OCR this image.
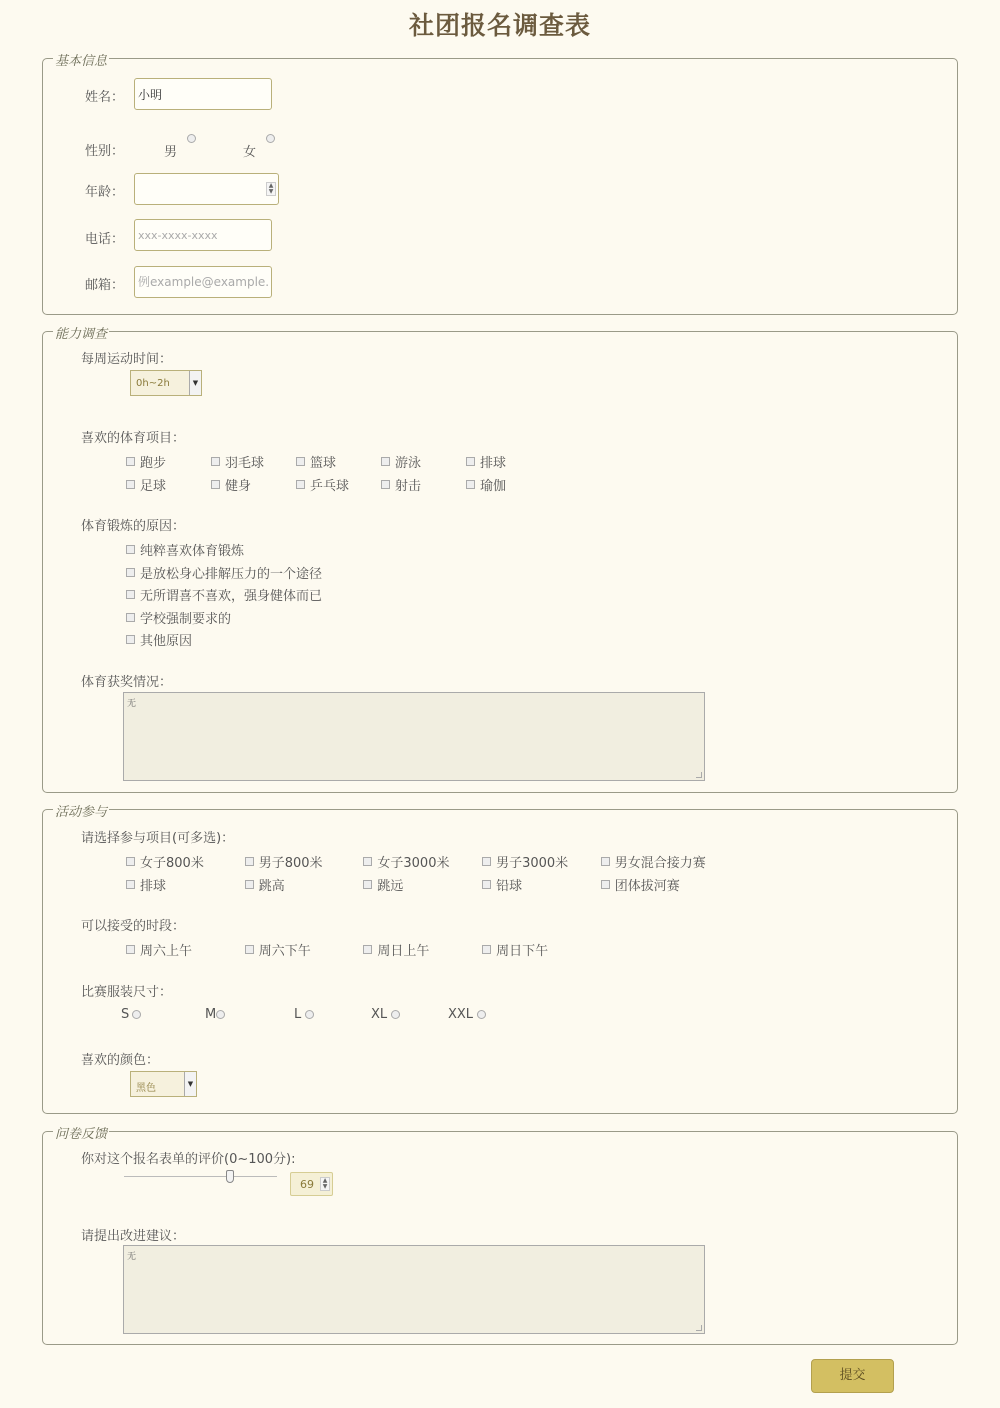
社团报名调查表
基本信息
姓名：
小明
性别：	男	女
年龄：	▲
▼
电话：
xxx-xxxx-xxxx
邮箱：
例example@example.com
能力调查
每周运动时间：
0h~2h	▼
喜欢的体育项目：
跑步	羽毛球	篮球	游泳	排球
足球	健身	乒乓球	射击	瑜伽
体育锻炼的原因：
纯粹喜欢体育锻炼
是放松身心排解压力的一个途径
无所谓喜不喜欢，强身健体而已
学校强制要求的
其他原因
体育获奖情况：
无
活动参与
请选择参与项目(可多选)：
女子800米	男子800米	女子3000米	男子3000米	男女混合接力赛
排球	跳高	跳远	铅球	团体拔河赛
可以接受的时段：
周六上午	周六下午	周日上午	周日下午
比赛服装尺寸：
S	M	L	XL	XXL
喜欢的颜色：
黑色	▼
问卷反馈
你对这个报名表单的评价(0~100分):
69	▲
▼
请提出改进建议：
无
提交
